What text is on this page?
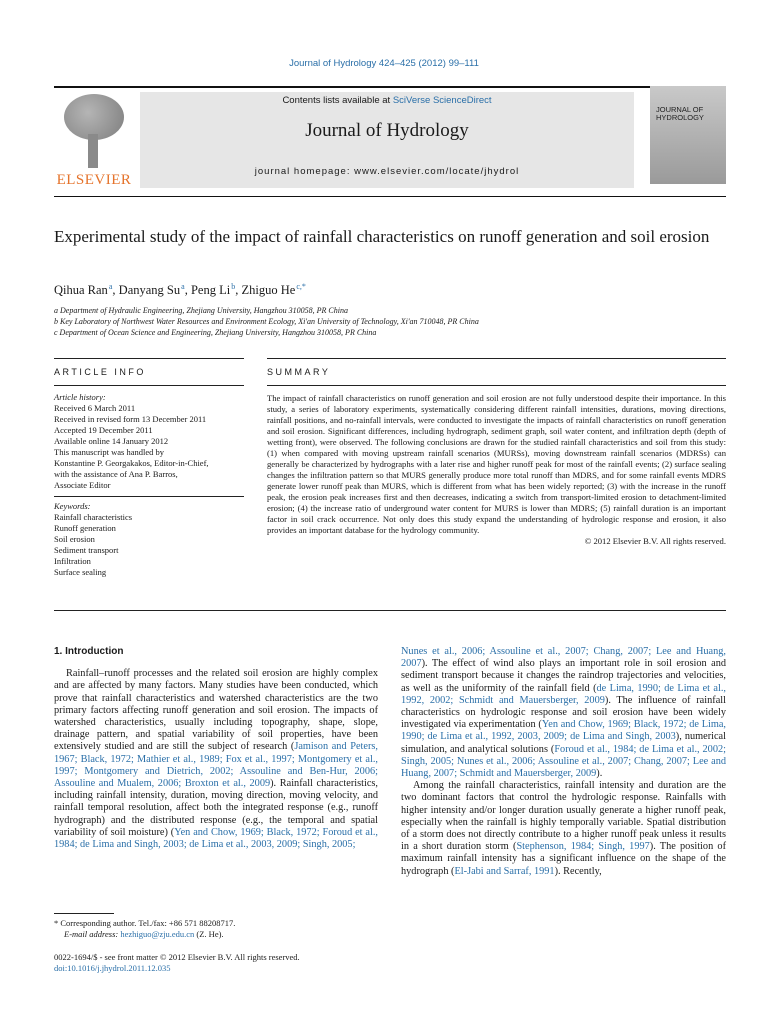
Journal of Hydrology 424–425 (2012) 99–111
ELSEVIER
Contents lists available at SciVerse ScienceDirect
Journal of Hydrology
journal homepage: www.elsevier.com/locate/jhydrol
JOURNAL OF HYDROLOGY
Experimental study of the impact of rainfall characteristics on runoff generation and soil erosion
Qihua Ran $^a$, Danyang Su $^a$, Peng Li $^b$, Zhiguo He $^{c,*}$
a Department of Hydraulic Engineering, Zhejiang University, Hangzhou 310058, PR China
b Key Laboratory of Northwest Water Resources and Environment Ecology, Xi'an University of Technology, Xi'an 710048, PR China
c Department of Ocean Science and Engineering, Zhejiang University, Hangzhou 310058, PR China
ARTICLE INFO	SUMMARY
Article history:
Received 6 March 2011
Received in revised form 13 December 2011
Accepted 19 December 2011
Available online 14 January 2012
This manuscript was handled by
Konstantine P. Georgakakos, Editor-in-Chief,
with the assistance of Ana P. Barros,
Associate Editor
Keywords:
Rainfall characteristics
Runoff generation
Soil erosion
Sediment transport
Infiltration
Surface sealing

The impact of rainfall characteristics on runoff generation and soil erosion are not fully understood despite their importance. In this study, a series of laboratory experiments, systematically considering different rainfall intensities, durations, moving directions, rainfall positions, and no-rainfall intervals, were conducted to investigate the impacts of rainfall characteristics on runoff generation and soil erosion. Significant differences, including hydrograph, sediment graph, soil water content, and infiltration depth (depth of wetting front), were observed. The following conclusions are drawn for the studied rainfall characteristics and soil from this study: (1) when compared with moving upstream rainfall scenarios (MURSs), moving downstream rainfall scenarios (MDRSs) can generally be characterized by hydrographs with a later rise and higher runoff peak for most of the rainfall events; (2) surface sealing changes the infiltration pattern so that MURS generally produce more total runoff than MDRS, and for some rainfall events MDRS generate lower runoff peak than MURS, which is different from what has been widely reported; (3) with the increase in the runoff peak, the erosion peak increases first and then decreases, indicating a switch from transport-limited erosion to detachment-limited erosion; (4) the increase ratio of underground water content for MURS is lower than MDRS; (5) rainfall duration is an important factor in soil crack occurrence. Not only does this study expand the understanding of hydrologic response and erosion, it also provides an important database for the hydrology community.

© 2012 Elsevier B.V. All rights reserved.

1. Introduction

Rainfall–runoff processes and the related soil erosion are highly complex and are affected by many factors. Many studies have been conducted, which prove that rainfall characteristics and watershed characteristics are the two primary factors affecting runoff generation and soil erosion. The impacts of watershed characteristics, usually including topography, shape, slope, drainage pattern, and spatial variability of soil properties, have been extensively studied and are still the subject of research (Jamison and Peters, 1967; Black, 1972; Mathier et al., 1989; Fox et al., 1997; Montgomery et al., 1997; Montgomery and Dietrich, 2002; Assouline and Ben-Hur, 2006; Assouline and Mualem, 2006; Broxton et al., 2009). Rainfall characteristics, including rainfall intensity, duration, moving direction, moving velocity, and rainfall temporal resolution, affect both the integrated response (e.g., runoff hydrograph) and the distributed response (e.g., the temporal and spatial variability of soil moisture) (Yen and Chow, 1969; Black, 1972; Foroud et al., 1984; de Lima and Singh, 2003; de Lima et al., 2003, 2009; Singh, 2005;

Nunes et al., 2006; Assouline et al., 2007; Chang, 2007; Lee and Huang, 2007). The effect of wind also plays an important role in soil erosion and sediment transport because it changes the raindrop trajectories and velocities, as well as the uniformity of the rainfall field (de Lima, 1990; de Lima et al., 1992, 2002; Schmidt and Mauersberger, 2009). The influence of rainfall characteristics on hydrologic response and soil erosion have been widely investigated via experimentation (Yen and Chow, 1969; Black, 1972; de Lima, 1990; de Lima et al., 1992, 2003, 2009; de Lima and Singh, 2003), numerical simulation, and analytical solutions (Foroud et al., 1984; de Lima et al., 2002; Singh, 2005; Nunes et al., 2006; Assouline et al., 2007; Chang, 2007; Lee and Huang, 2007; Schmidt and Mauersberger, 2009).

Among the rainfall characteristics, rainfall intensity and duration are the two dominant factors that control the hydrologic response. Rainfalls with higher intensity and/or longer duration usually generate a higher runoff peak, especially when the rainfall is highly temporally variable. Spatial distribution of a storm does not directly contribute to a higher runoff peak unless it results in a short duration storm (Stephenson, 1984; Singh, 1997). The position of maximum rainfall intensity has a significant influence on the shape of the hydrograph (El-Jabi and Sarraf, 1991). Recently,

* Corresponding author. Tel./fax: +86 571 88208717.
E-mail address: hezhiguo@zju.edu.cn (Z. He).
0022-1694/$ - see front matter © 2012 Elsevier B.V. All rights reserved.
doi:10.1016/j.jhydrol.2011.12.035
